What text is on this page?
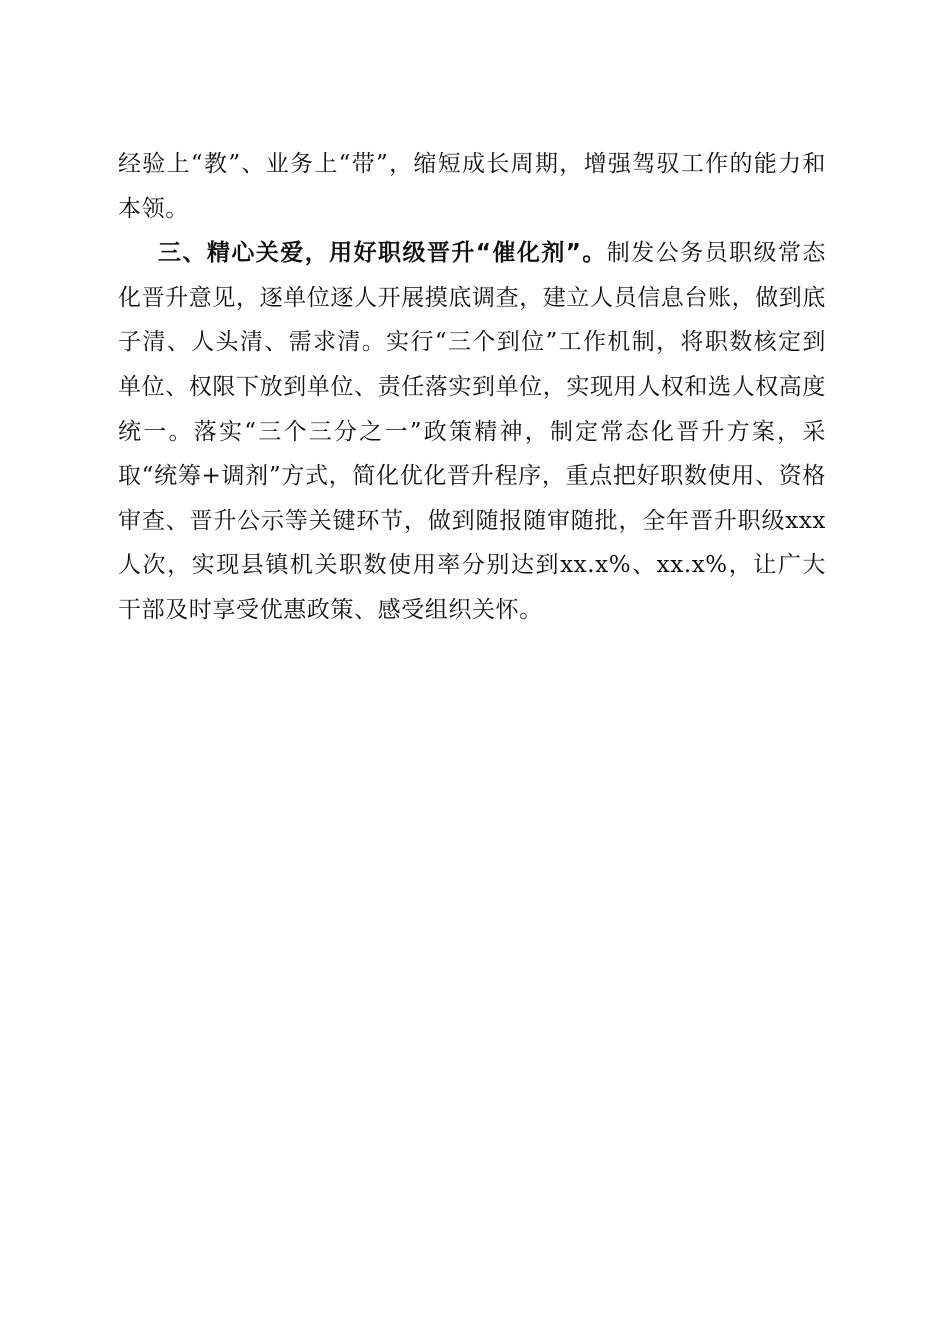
经验上“教”、业务上“带”，缩短成长周期，增强驾驭工作的能力和本领。

三、精心关爱，用好职级晋升“催化剂”。制发公务员职级常态化晋升意见，逐单位逐人开展摸底调查，建立人员信息台账，做到底子清、人头清、需求清。实行“三个到位”工作机制，将职数核定到单位、权限下放到单位、责任落实到单位，实现用人权和选人权高度统一。落实“三个三分之一”政策精神，制定常态化晋升方案，采取“统筹+调剂”方式，简化优化晋升程序，重点把好职数使用、资格审查、晋升公示等关键环节，做到随报随审随批，全年晋升职级xxx人次，实现县镇机关职数使用率分别达到xx.x%、xx.x%，让广大干部及时享受优惠政策、感受组织关怀。
